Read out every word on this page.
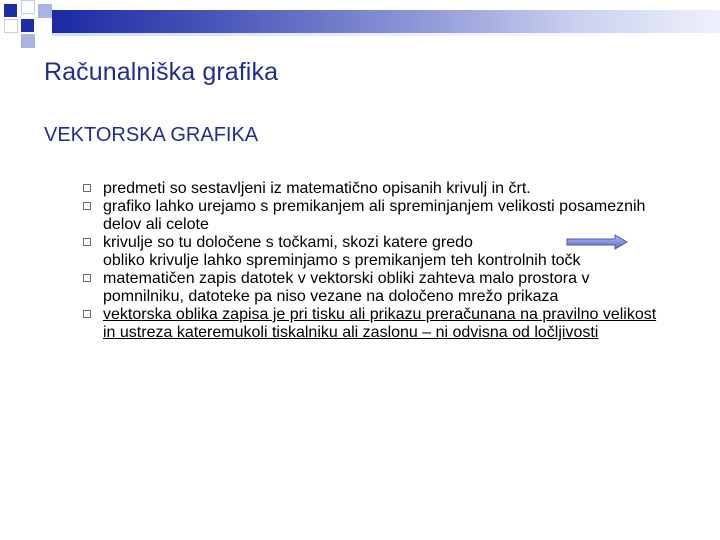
Računalniška grafika
VEKTORSKA GRAFIKA
predmeti so sestavljeni iz matematično opisanih krivulj in črt.
grafiko lahko urejamo s premikanjem ali spreminjanjem velikosti posameznih delov ali celote
krivulje so tu določene s točkami, skozi katere gredo
obliko krivulje lahko spreminjamo s premikanjem teh kontrolnih točk
matematičen zapis datotek v vektorski obliki zahteva malo prostora v pomnilniku, datoteke pa niso vezane na določeno mrežo prikaza
vektorska oblika zapisa je pri tisku ali prikazu preračunana na pravilno velikost in ustreza kateremukoli tiskalniku ali zaslonu – ni odvisna od ločljivosti
